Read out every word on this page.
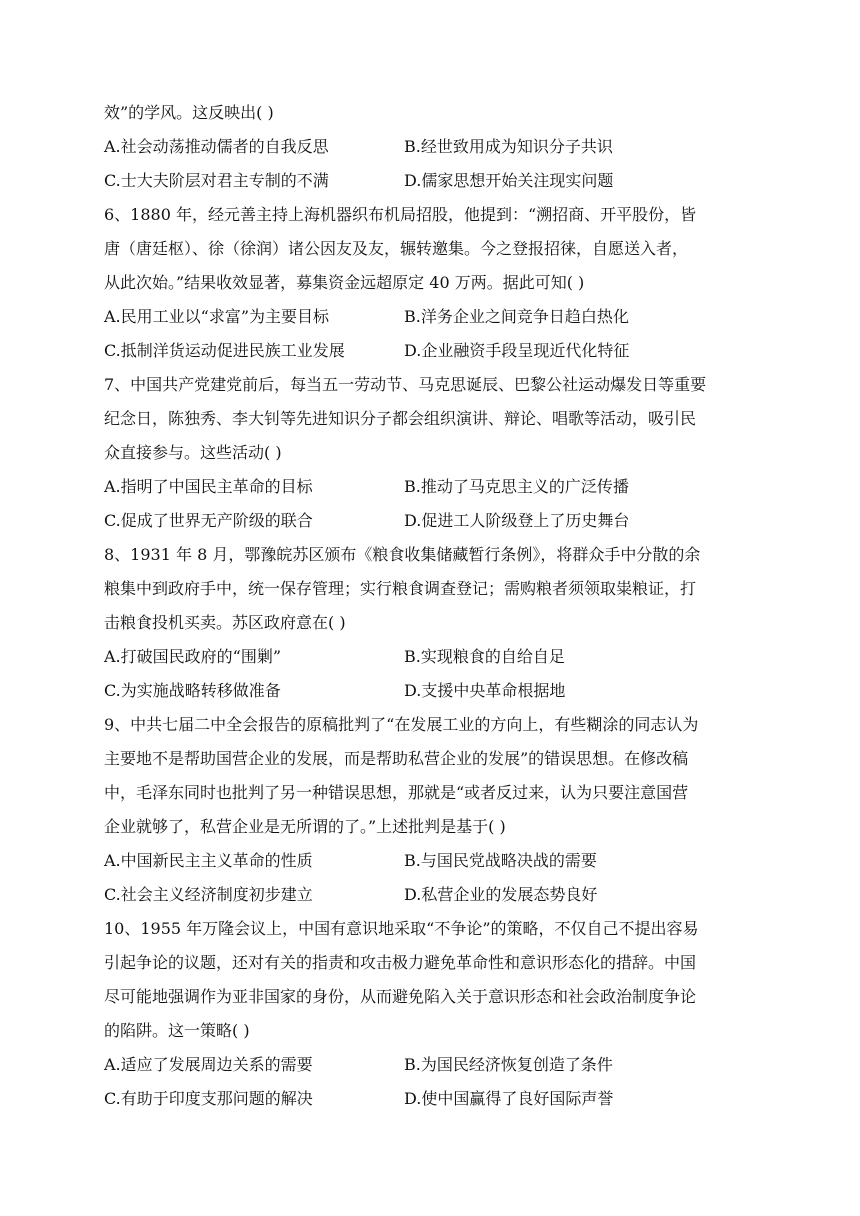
效”的学风。这反映出( )
A.社会动荡推动儒者的自我反思	B.经世致用成为知识分子共识
C.士大夫阶层对君主专制的不满	D.儒家思想开始关注现实问题
6、1880 年，经元善主持上海机器织布机局招股，他提到：“溯招商、开平股份，皆
唐（唐廷枢）、徐（徐润）诸公因友及友，辗转邀集。今之登报招徕，自愿送入者，
从此次始。”结果收效显著，募集资金远超原定 40 万两。据此可知( )
A.民用工业以“求富”为主要目标	B.洋务企业之间竞争日趋白热化
C.抵制洋货运动促进民族工业发展	D.企业融资手段呈现近代化特征
7、中国共产党建党前后，每当五一劳动节、马克思诞辰、巴黎公社运动爆发日等重要
纪念日，陈独秀、李大钊等先进知识分子都会组织演讲、辩论、唱歌等活动，吸引民
众直接参与。这些活动( )
A.指明了中国民主革命的目标	B.推动了马克思主义的广泛传播
C.促成了世界无产阶级的联合	D.促进工人阶级登上了历史舞台
8、1931 年 8 月，鄂豫皖苏区颁布《粮食收集储藏暂行条例》，将群众手中分散的余
粮集中到政府手中，统一保存管理；实行粮食调查登记；需购粮者须领取粜粮证，打
击粮食投机买卖。苏区政府意在( )
A.打破国民政府的“围剿”	B.实现粮食的自给自足
C.为实施战略转移做准备	D.支援中央革命根据地
9、中共七届二中全会报告的原稿批判了“在发展工业的方向上，有些糊涂的同志认为
主要地不是帮助国营企业的发展，而是帮助私营企业的发展”的错误思想。在修改稿
中，毛泽东同时也批判了另一种错误思想，那就是“或者反过来，认为只要注意国营
企业就够了，私营企业是无所谓的了。”上述批判是基于( )
A.中国新民主主义革命的性质	B.与国民党战略决战的需要
C.社会主义经济制度初步建立	D.私营企业的发展态势良好
10、1955 年万隆会议上，中国有意识地采取“不争论”的策略，不仅自己不提出容易
引起争论的议题，还对有关的指责和攻击极力避免革命性和意识形态化的措辞。中国
尽可能地强调作为亚非国家的身份，从而避免陷入关于意识形态和社会政治制度争论
的陷阱。这一策略( )
A.适应了发展周边关系的需要	B.为国民经济恢复创造了条件
C.有助于印度支那问题的解决	D.使中国赢得了良好国际声誉
